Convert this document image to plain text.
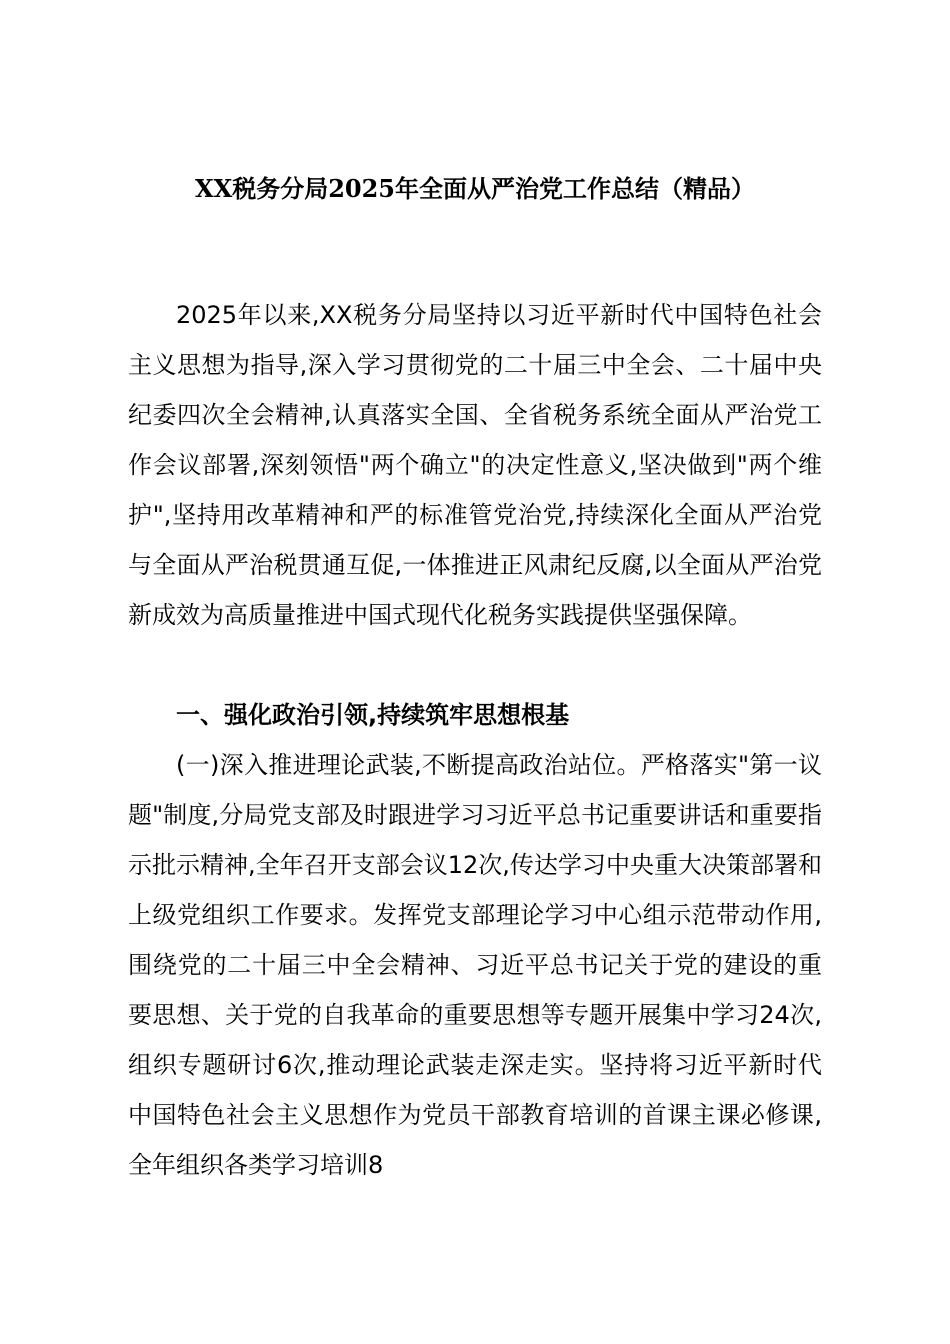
XX税务分局2025年全面从严治党工作总结（精品）

2025年以来,XX税务分局坚持以习近平新时代中国特色社会主义思想为指导,深入学习贯彻党的二十届三中全会、二十届中央纪委四次全会精神,认真落实全国、全省税务系统全面从严治党工作会议部署,深刻领悟"两个确立"的决定性意义,坚决做到"两个维护",坚持用改革精神和严的标准管党治党,持续深化全面从严治党与全面从严治税贯通互促,一体推进正风肃纪反腐,以全面从严治党新成效为高质量推进中国式现代化税务实践提供坚强保障。

一、强化政治引领,持续筑牢思想根基

(一)深入推进理论武装,不断提高政治站位。严格落实"第一议题"制度,分局党支部及时跟进学习习近平总书记重要讲话和重要指示批示精神,全年召开支部会议12次,传达学习中央重大决策部署和上级党组织工作要求。发挥党支部理论学习中心组示范带动作用,围绕党的二十届三中全会精神、习近平总书记关于党的建设的重要思想、关于党的自我革命的重要思想等专题开展集中学习24次,组织专题研讨6次,推动理论武装走深走实。坚持将习近平新时代中国特色社会主义思想作为党员干部教育培训的首课主课必修课,全年组织各类学习培训8
